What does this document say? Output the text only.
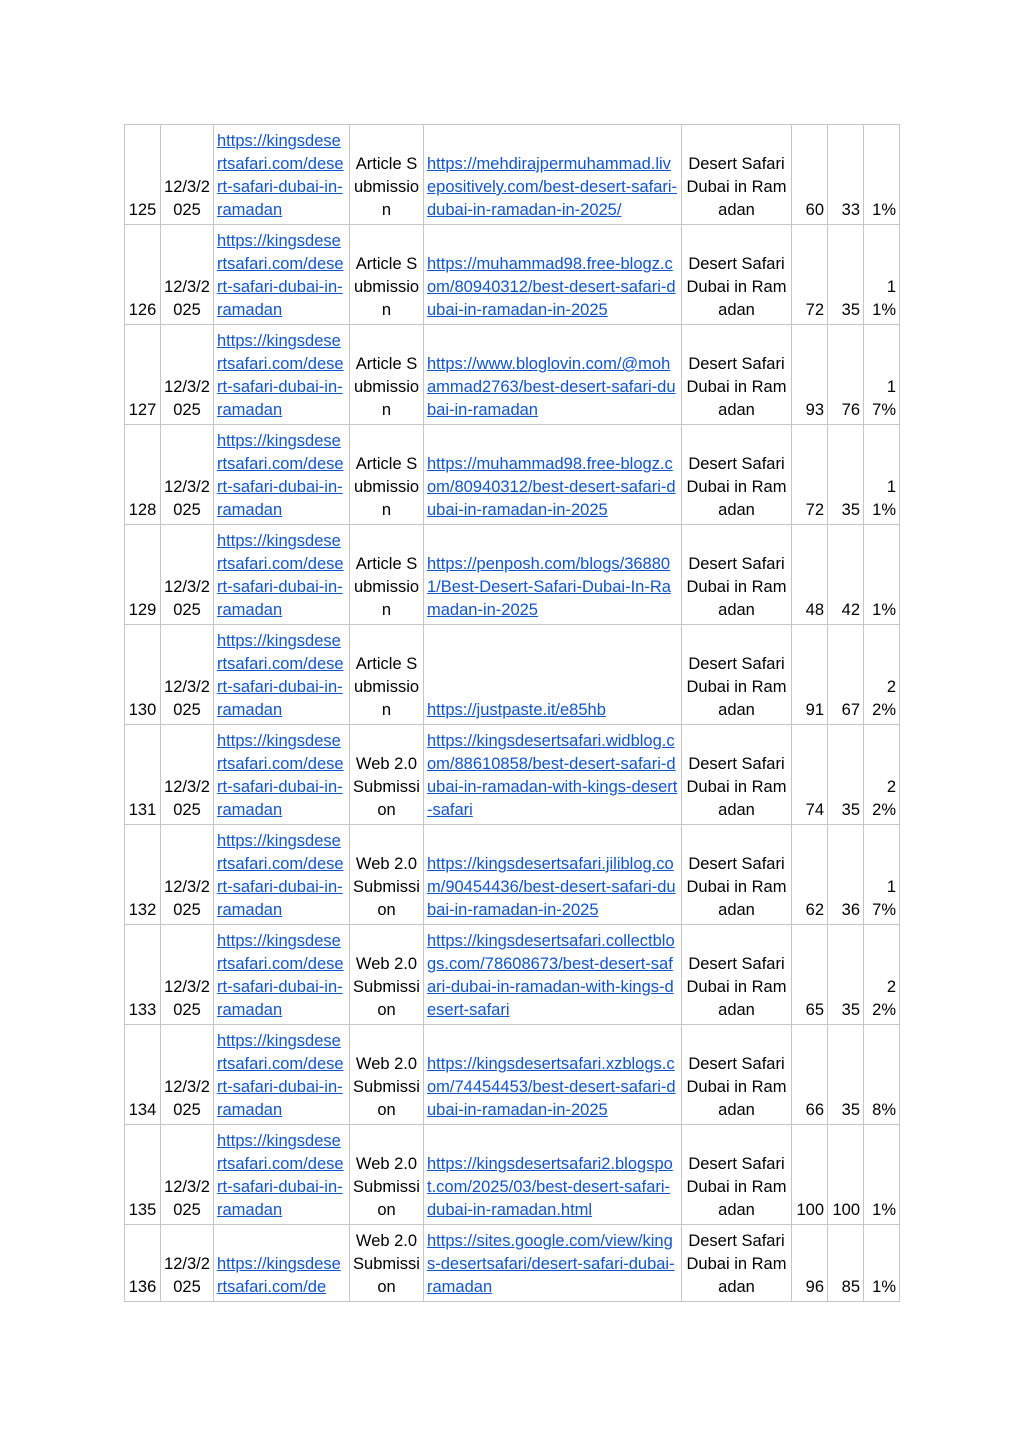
125	12/3/2025	https://kingsdesertsafari.com/desert-safari-dubai-in-ramadan	Article Submission	https://mehdirajpermuhammad.livepositively.com/best-desert-safari-dubai-in-ramadan-in-2025/	Desert Safari Dubai in Ramadan	60	33	1%
126	12/3/2025	https://kingsdesertsafari.com/desert-safari-dubai-in-ramadan	Article Submission	https://muhammad98.free-blogz.com/80940312/best-desert-safari-dubai-in-ramadan-in-2025	Desert Safari Dubai in Ramadan	72	35	11%
127	12/3/2025	https://kingsdesertsafari.com/desert-safari-dubai-in-ramadan	Article Submission	https://www.bloglovin.com/@mohammad2763/best-desert-safari-dubai-in-ramadan	Desert Safari Dubai in Ramadan	93	76	17%
128	12/3/2025	https://kingsdesertsafari.com/desert-safari-dubai-in-ramadan	Article Submission	https://muhammad98.free-blogz.com/80940312/best-desert-safari-dubai-in-ramadan-in-2025	Desert Safari Dubai in Ramadan	72	35	11%
129	12/3/2025	https://kingsdesertsafari.com/desert-safari-dubai-in-ramadan	Article Submission	https://penposh.com/blogs/368801/Best-Desert-Safari-Dubai-In-Ramadan-in-2025	Desert Safari Dubai in Ramadan	48	42	1%
130	12/3/2025	https://kingsdesertsafari.com/desert-safari-dubai-in-ramadan	Article Submission	https://justpaste.it/e85hb	Desert Safari Dubai in Ramadan	91	67	22%
131	12/3/2025	https://kingsdesertsafari.com/desert-safari-dubai-in-ramadan	Web 2.0 Submission	https://kingsdesertsafari.widblog.com/88610858/best-desert-safari-dubai-in-ramadan-with-kings-desert-safari	Desert Safari Dubai in Ramadan	74	35	22%
132	12/3/2025	https://kingsdesertsafari.com/desert-safari-dubai-in-ramadan	Web 2.0 Submission	https://kingsdesertsafari.jiliblog.com/90454436/best-desert-safari-dubai-in-ramadan-in-2025	Desert Safari Dubai in Ramadan	62	36	17%
133	12/3/2025	https://kingsdesertsafari.com/desert-safari-dubai-in-ramadan	Web 2.0 Submission	https://kingsdesertsafari.collectblogs.com/78608673/best-desert-safari-dubai-in-ramadan-with-kings-desert-safari	Desert Safari Dubai in Ramadan	65	35	22%
134	12/3/2025	https://kingsdesertsafari.com/desert-safari-dubai-in-ramadan	Web 2.0 Submission	https://kingsdesertsafari.xzblogs.com/74454453/best-desert-safari-dubai-in-ramadan-in-2025	Desert Safari Dubai in Ramadan	66	35	8%
135	12/3/2025	https://kingsdesertsafari.com/desert-safari-dubai-in-ramadan	Web 2.0 Submission	https://kingsdesertsafari2.blogspot.com/2025/03/best-desert-safari-dubai-in-ramadan.html	Desert Safari Dubai in Ramadan	100	100	1%
136	12/3/2025	https://kingsdesertsafari.com/de	Web 2.0 Submission	https://sites.google.com/view/kings-desertsafari/desert-safari-dubai-ramadan	Desert Safari Dubai in Ramadan	96	85	1%
